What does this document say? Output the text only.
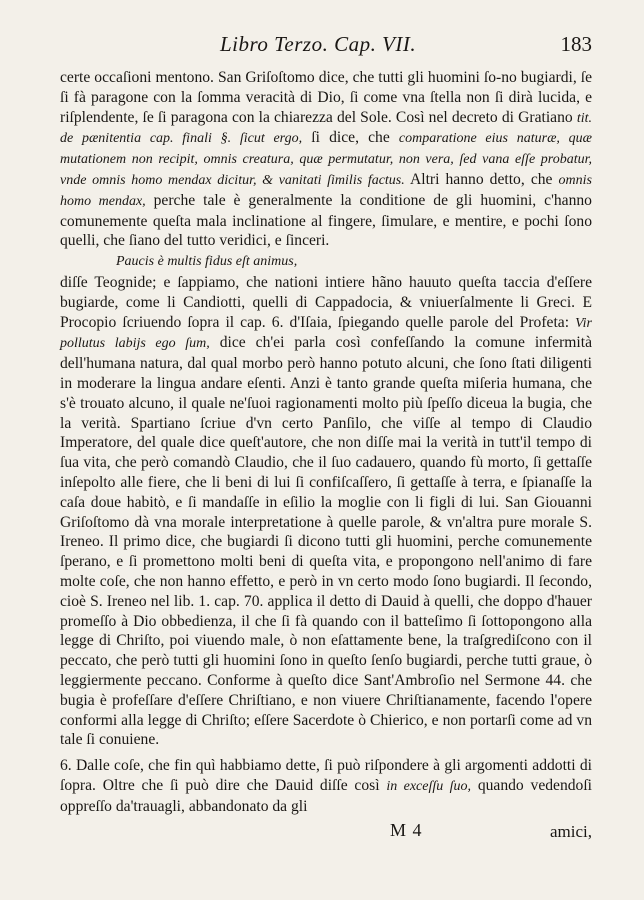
Libro Terzo. Cap. VII.	183

certe occaſioni mentono. San Griſoſtomo dice, che tutti gli huomini ſo-no bugiardi, ſe ſi fà paragone con la ſomma veracità di Dio, ſi come vna ſtella non ſi dirà lucida, e riſplendente, ſe ſi paragona con la chiarezza del Sole. Così nel decreto di Gratiano tit. de pænitentia cap. finali §. ſicut ergo, ſi dice, che comparatione eius naturæ, quæ mutationem non recipit, omnis creatura, quæ permutatur, non vera, ſed vana eſſe probatur, vnde omnis homo mendax dicitur, & vanitati ſimilis factus. Altri hanno detto, che omnis homo mendax, perche tale è generalmente la conditione de gli huomini, c'hanno comunemente queſta mala inclinatione al fingere, ſimulare, e mentire, e pochi ſono quelli, che ſiano del tutto veridici, e ſinceri.

Paucis è multis fidus eſt animus,

diſſe Teognide; e ſappiamo, che nationi intiere hãno hauuto queſta taccia d'eſſere bugiarde, come li Candiotti, quelli di Cappadocia, & vniuerſalmente li Greci. E Procopio ſcriuendo ſopra il cap. 6. d'Iſaia, ſpiegando quelle parole del Profeta: Vir pollutus labijs ego ſum, dice ch'ei parla così confeſſando la comune infermità dell'humana natura, dal qual morbo però hanno potuto alcuni, che ſono ſtati diligenti in moderare la lingua andare eſenti. Anzi è tanto grande queſta miſeria humana, che s'è trouato alcuno, il quale ne'ſuoi ragionamenti molto più ſpeſſo diceua la bugia, che la verità. Spartiano ſcriue d'vn certo Panſilo, che viſſe al tempo di Claudio Imperatore, del quale dice queſt'autore, che non diſſe mai la verità in tutt'il tempo di ſua vita, che però comandò Claudio, che il ſuo cadauero, quando fù morto, ſi gettaſſe inſepolto alle fiere, che li beni di lui ſi confiſcaſſero, ſi gettaſſe à terra, e ſpianaſſe la caſa doue habitò, e ſi mandaſſe in eſilio la moglie con li figli di lui. San Giouanni Griſoſtomo dà vna morale interpretatione à quelle parole, & vn'altra pure morale S. Ireneo. Il primo dice, che bugiardi ſi dicono tutti gli huomini, perche comunemente ſperano, e ſi promettono molti beni di queſta vita, e propongono nell'animo di fare molte coſe, che non hanno effetto, e però in vn certo modo ſono bugiardi. Il ſecondo, cioè S. Ireneo nel lib. 1. cap. 70. applica il detto di Dauid à quelli, che doppo d'hauer promeſſo à Dio obbedienza, il che ſi fà quando con il batteſimo ſi ſottopongono alla legge di Chriſto, poi viuendo male, ò non eſattamente bene, la traſgrediſcono con il peccato, che però tutti gli huomini ſono in queſto ſenſo bugiardi, perche tutti graue, ò leggiermente peccano. Conforme à queſto dice Sant'Ambroſio nel Sermone 44. che bugia è profeſſare d'eſſere Chriſtiano, e non viuere Chriſtianamente, facendo l'opere conformi alla legge di Chriſto; eſſere Sacerdote ò Chierico, e non portarſi come ad vn tale ſi conuiene.

6. Dalle coſe, che fin quì habbiamo dette, ſi può riſpondere à gli argomenti addotti di ſopra. Oltre che ſi può dire che Dauid diſſe così in exceſſu ſuo, quando vedendoſi oppreſſo da'trauagli, abbandonato da gli

M 4	amici,
